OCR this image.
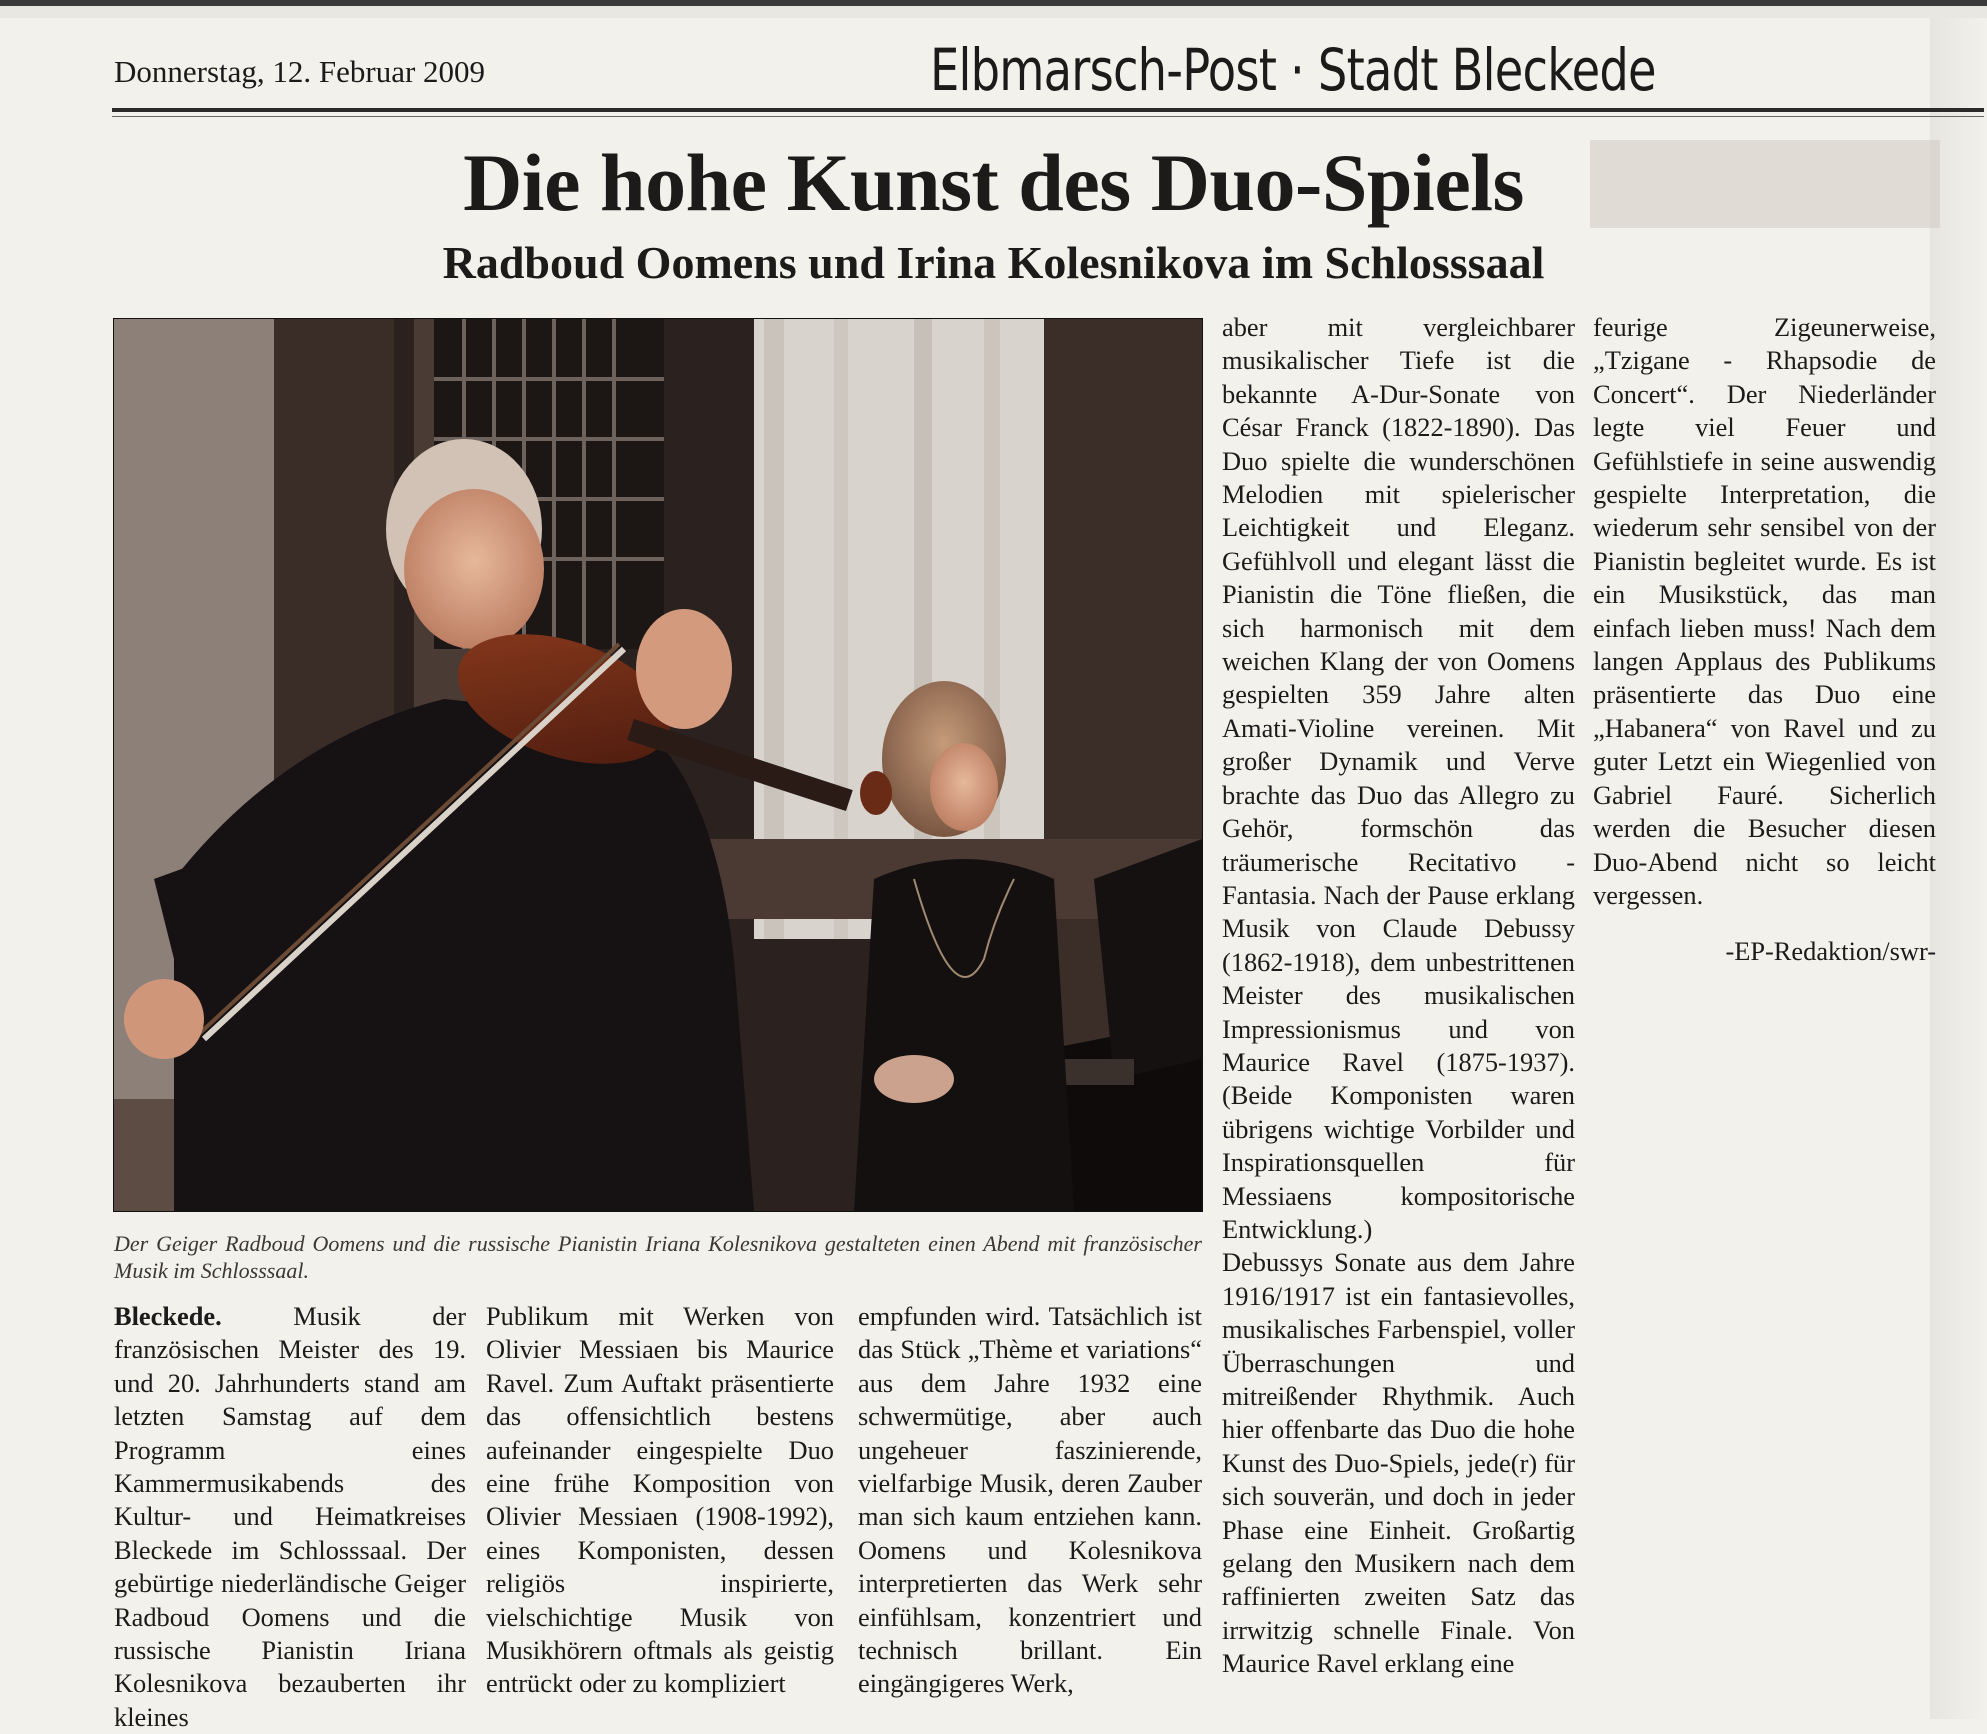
Donnerstag, 12. Februar 2009	Elbmarsch-Post · Stadt Bleckede
Die hohe Kunst des Duo-Spiels
Radboud Oomens und Irina Kolesnikova im Schlosssaal
Der Geiger Radboud Oomens und die russische Pianistin Iriana Kolesnikova gestalteten einen Abend mit französischer Musik im Schlosssaal.

Bleckede.	Musik der französischen Meister des 19. und 20. Jahrhunderts stand am letzten Samstag auf dem Programm eines Kammermusikabends des Kultur- und Heimatkreises Bleckede im Schlosssaal. Der gebürtige niederländische Geiger Radboud Oomens und die russische Pianistin Iriana Kolesnikova bezauberten ihr kleines

Publikum mit Werken von Olivier Messiaen bis Maurice Ravel. Zum Auftakt präsentierte das offensichtlich bestens aufeinander eingespielte Duo eine frühe Komposition von Olivier Messiaen (1908-1992), eines Komponisten, dessen religiös inspirierte, vielschichtige Musik von Musikhörern oftmals als geistig entrückt oder zu kompliziert

empfunden wird. Tatsächlich ist das Stück „Thème et variations“ aus dem Jahre 1932 eine schwermütige, aber auch ungeheuer faszinierende, vielfarbige Musik, deren Zauber man sich kaum entziehen kann. Oomens und Kolesnikova interpretierten das Werk sehr einfühlsam, konzentriert und technisch brillant. Ein eingängigeres Werk,

aber mit vergleichbarer musikalischer Tiefe ist die bekannte A-Dur-Sonate von César Franck (1822-1890). Das Duo spielte die wunderschönen Melodien mit spielerischer Leichtigkeit und Eleganz. Gefühlvoll und elegant lässt die Pianistin die Töne fließen, die sich harmonisch mit dem weichen Klang der von Oomens gespielten 359 Jahre alten Amati-Violine vereinen. Mit großer Dynamik und Verve brachte das Duo das Allegro zu Gehör, formschön das träumerische Recitativo - Fantasia. Nach der Pause erklang Musik von Claude Debussy (1862-1918), dem unbestrittenen Meister des musikalischen Impressionismus und von Maurice Ravel (1875-1937). (Beide Komponisten waren übrigens wichtige Vorbilder und Inspirationsquellen für Messiaens kompositorische Entwicklung.)

Debussys Sonate aus dem Jahre 1916/1917 ist ein fantasievolles, musikalisches Farbenspiel, voller Überraschungen und mitreißender Rhythmik. Auch hier offenbarte das Duo die hohe Kunst des Duo-Spiels, jede(r) für sich souverän, und doch in jeder Phase eine Einheit. Großartig gelang den Musikern nach dem raffinierten zweiten Satz das irrwitzig schnelle Finale. Von Maurice Ravel erklang eine

feurige Zigeunerweise, „Tzigane - Rhapsodie de Concert“. Der Niederländer legte viel Feuer und Gefühlstiefe in seine auswendig gespielte Interpretation, die wiederum sehr sensibel von der Pianistin begleitet wurde. Es ist ein Musikstück, das man einfach lieben muss! Nach dem langen Applaus des Publikums präsentierte das Duo eine „Habanera“ von Ravel und zu guter Letzt ein Wiegenlied von Gabriel Fauré. Sicherlich werden die Besucher diesen Duo-Abend nicht so leicht vergessen.

-EP-Redaktion/swr-
